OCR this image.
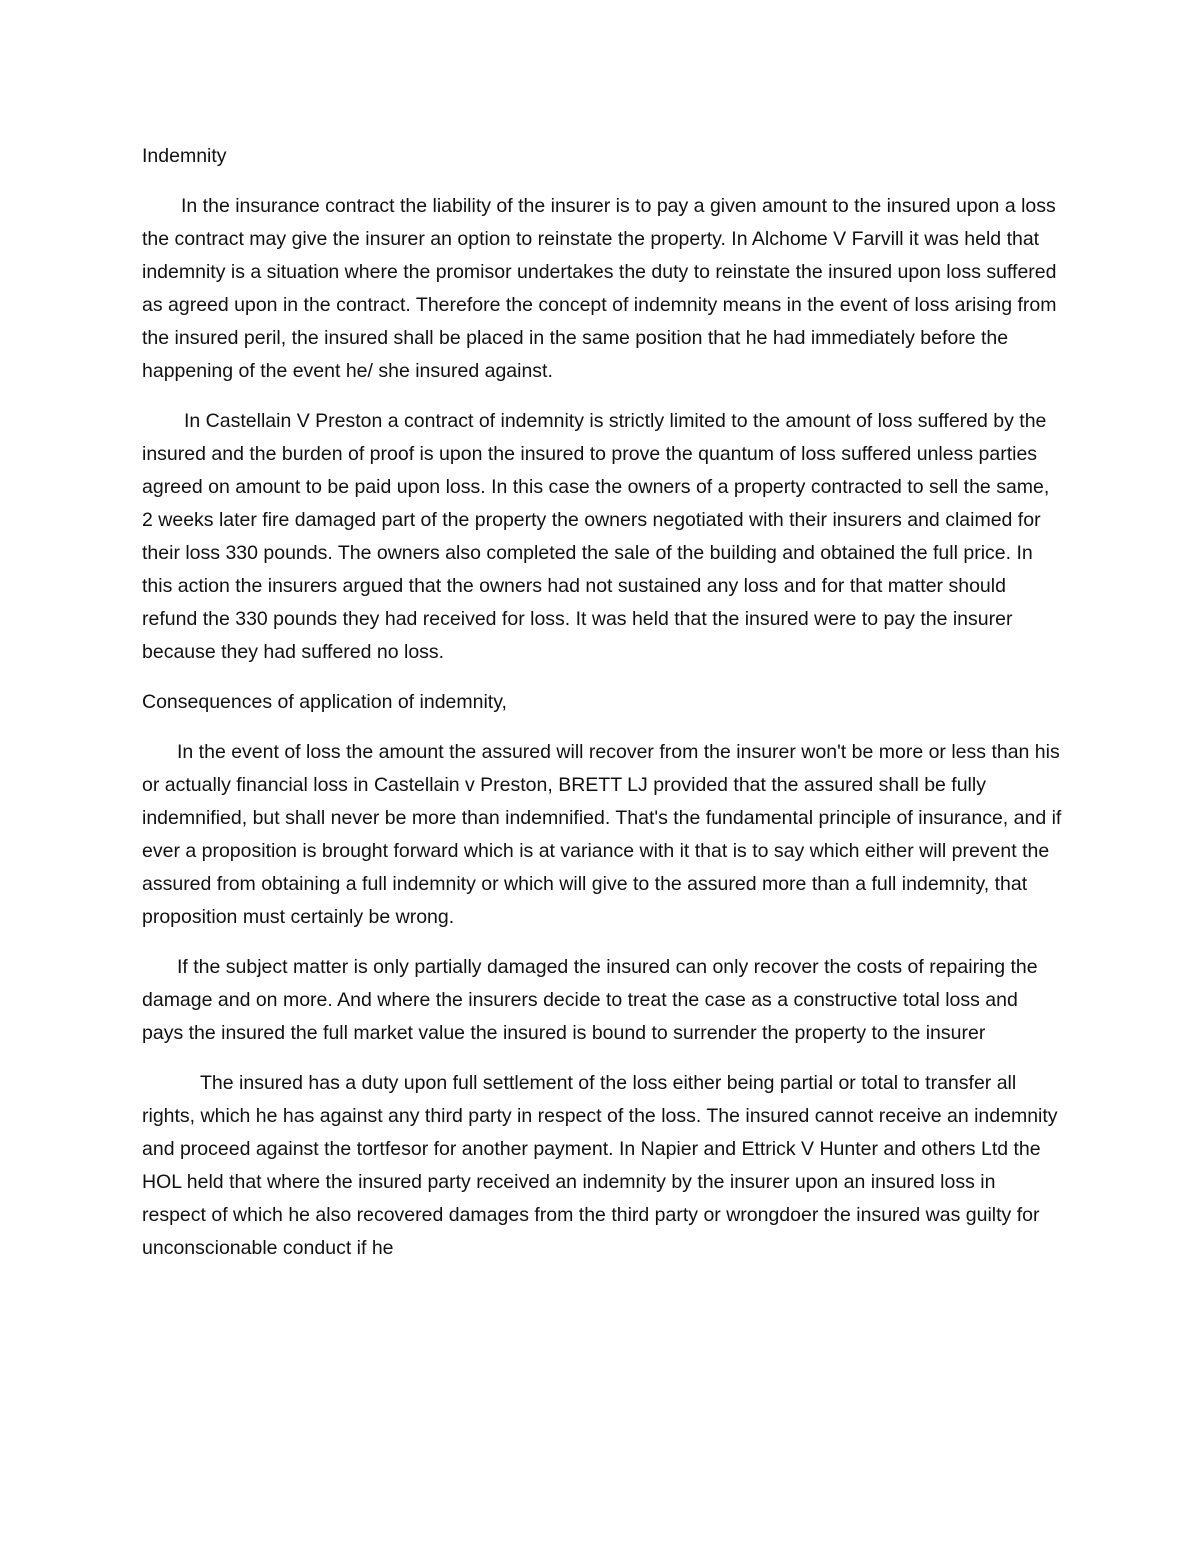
Indemnity

In the insurance contract the liability of the insurer is to pay a given amount to the insured upon a loss the contract may give the insurer an option to reinstate the property. In Alchome V Farvill it was held that indemnity is a situation where the promisor undertakes the duty to reinstate the insured upon loss suffered as agreed upon in the contract. Therefore the concept of indemnity means in the event of loss arising from the insured peril, the insured shall be placed in the same position that he had immediately before the happening of the event he/ she insured against.

In Castellain V Preston a contract of indemnity is strictly limited to the amount of loss suffered by the insured and the burden of proof is upon the insured to prove the quantum of loss suffered unless parties agreed on amount to be paid upon loss. In this case the owners of a property contracted to sell the same, 2 weeks later fire damaged part of the property the owners negotiated with their insurers and claimed for their loss 330 pounds. The owners also completed the sale of the building and obtained the full price. In this action the insurers argued that the owners had not sustained any loss and for that matter should refund the 330 pounds they had received for loss. It was held that the insured were to pay the insurer because they had suffered no loss.

Consequences of application of indemnity,

In the event of loss the amount the assured will recover from the insurer won't be more or less than his or actually financial loss in Castellain v Preston, BRETT LJ provided that the assured shall be fully indemnified, but shall never be more than indemnified. That's the fundamental principle of insurance, and if ever a proposition is brought forward which is at variance with it that is to say which either will prevent the assured from obtaining a full indemnity or which will give to the assured more than a full indemnity, that proposition must certainly be wrong.

If the subject matter is only partially damaged the insured can only recover the costs of repairing the damage and on more. And where the insurers decide to treat the case as a constructive total loss and pays the insured the full market value the insured is bound to surrender the property to the insurer

The insured has a duty upon full settlement of the loss either being partial or total to transfer all rights, which he has against any third party in respect of the loss. The insured cannot receive an indemnity and proceed against the tortfesor for another payment. In Napier and Ettrick V Hunter and others Ltd the HOL held that where the insured party received an indemnity by the insurer upon an insured loss in respect of which he also recovered damages from the third party or wrongdoer the insured was guilty for unconscionable conduct if he
